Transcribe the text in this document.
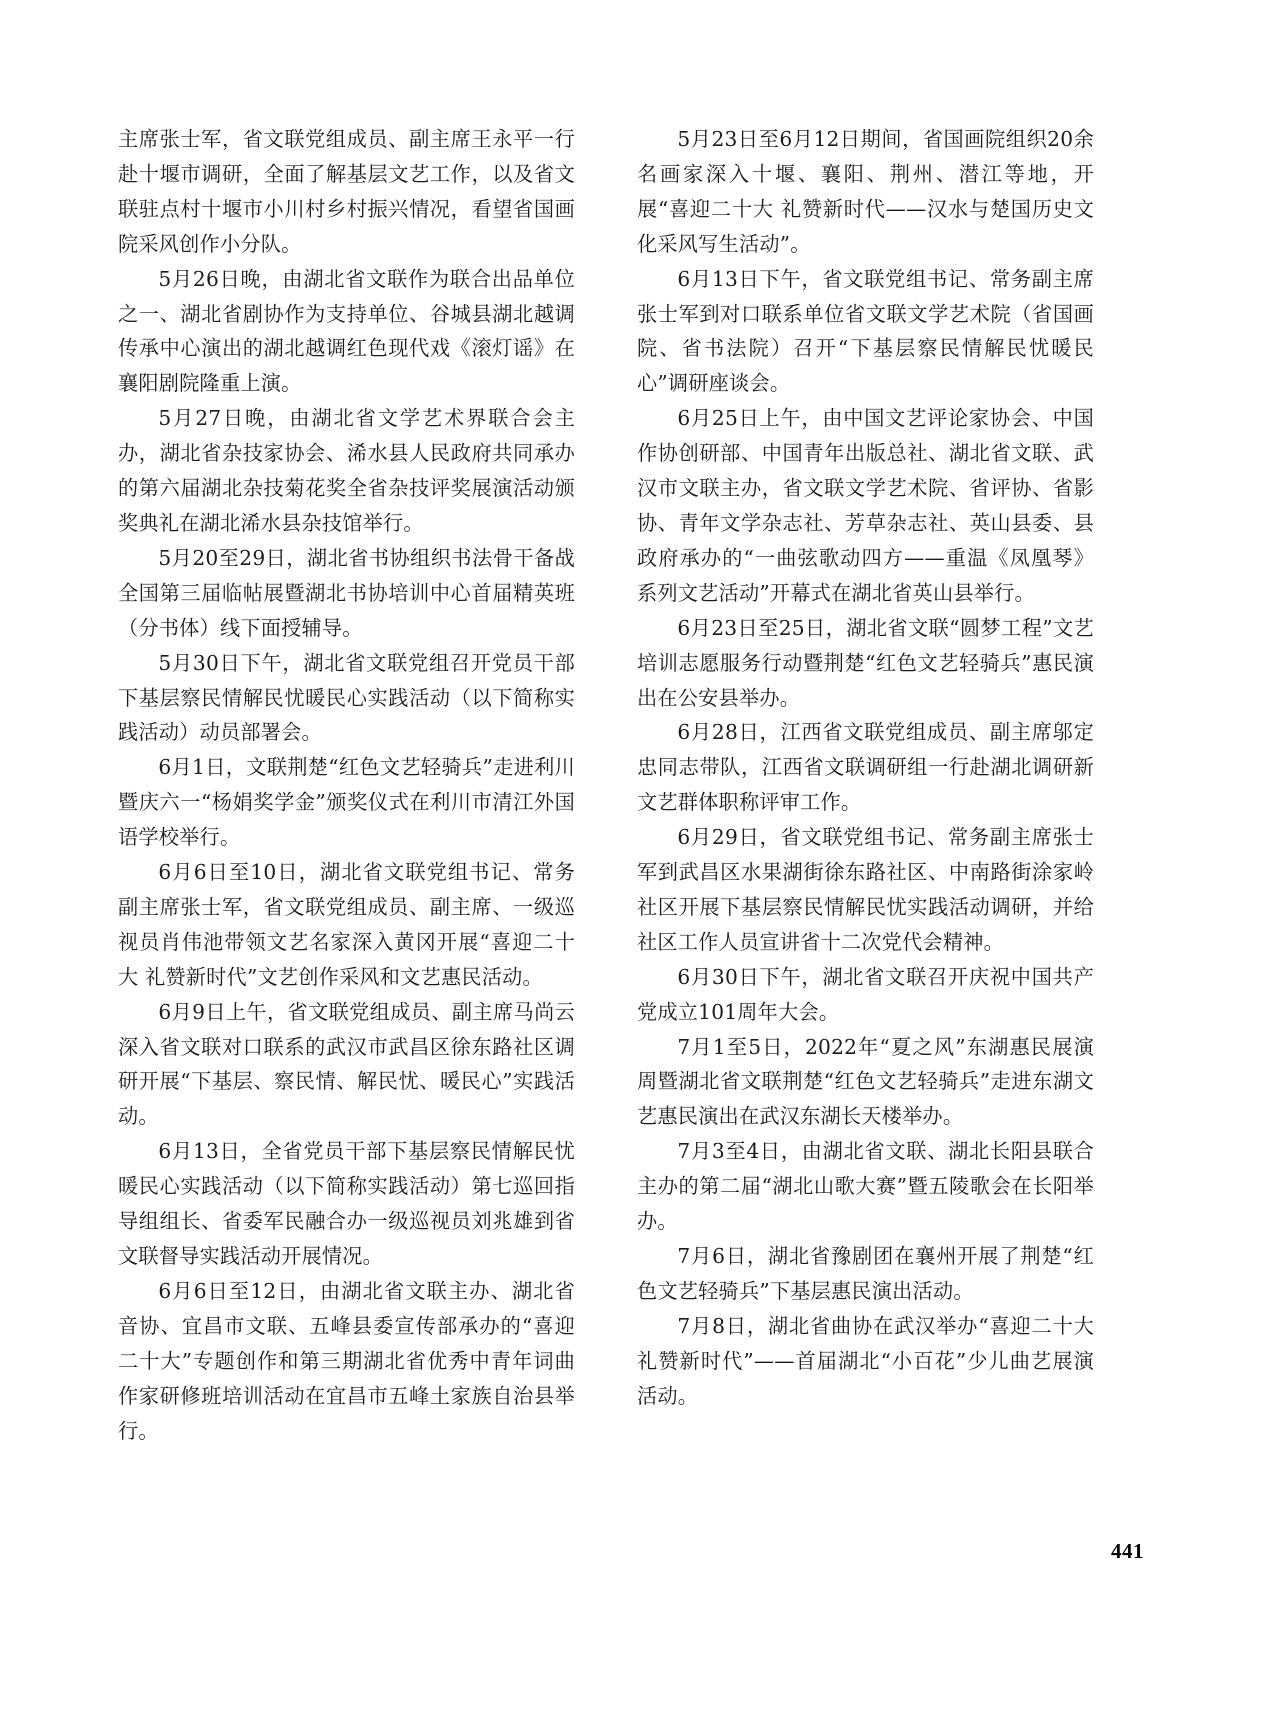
主席张士军，省文联党组成员、副主席王永平一行赴十堰市调研，全面了解基层文艺工作，以及省文联驻点村十堰市小川村乡村振兴情况，看望省国画院采风创作小分队。

5月26日晚，由湖北省文联作为联合出品单位之一、湖北省剧协作为支持单位、谷城县湖北越调传承中心演出的湖北越调红色现代戏《滚灯谣》在襄阳剧院隆重上演。

5月27日晚，由湖北省文学艺术界联合会主办，湖北省杂技家协会、浠水县人民政府共同承办的第六届湖北杂技菊花奖全省杂技评奖展演活动颁奖典礼在湖北浠水县杂技馆举行。

5月20至29日，湖北省书协组织书法骨干备战全国第三届临帖展暨湖北书协培训中心首届精英班（分书体）线下面授辅导。

5月30日下午，湖北省文联党组召开党员干部下基层察民情解民忧暖民心实践活动（以下简称实践活动）动员部署会。

6月1日，文联荆楚“红色文艺轻骑兵”走进利川暨庆六一“杨娟奖学金”颁奖仪式在利川市清江外国语学校举行。

6月6日至10日，湖北省文联党组书记、常务副主席张士军，省文联党组成员、副主席、一级巡视员肖伟池带领文艺名家深入黄冈开展“喜迎二十大 礼赞新时代”文艺创作采风和文艺惠民活动。

6月9日上午，省文联党组成员、副主席马尚云深入省文联对口联系的武汉市武昌区徐东路社区调研开展“下基层、察民情、解民忧、暖民心”实践活动。

6月13日，全省党员干部下基层察民情解民忧暖民心实践活动（以下简称实践活动）第七巡回指导组组长、省委军民融合办一级巡视员刘兆雄到省文联督导实践活动开展情况。

6月6日至12日，由湖北省文联主办、湖北省音协、宜昌市文联、五峰县委宣传部承办的“喜迎二十大”专题创作和第三期湖北省优秀中青年词曲作家研修班培训活动在宜昌市五峰土家族自治县举行。

5月23日至6月12日期间，省国画院组织20余名画家深入十堰、襄阳、荆州、潜江等地，开展“喜迎二十大 礼赞新时代——汉水与楚国历史文化采风写生活动”。

6月13日下午，省文联党组书记、常务副主席张士军到对口联系单位省文联文学艺术院（省国画院、省书法院）召开“下基层察民情解民忧暖民心”调研座谈会。

6月25日上午，由中国文艺评论家协会、中国作协创研部、中国青年出版总社、湖北省文联、武汉市文联主办，省文联文学艺术院、省评协、省影协、青年文学杂志社、芳草杂志社、英山县委、县政府承办的“一曲弦歌动四方——重温《凤凰琴》系列文艺活动”开幕式在湖北省英山县举行。

6月23日至25日，湖北省文联“圆梦工程”文艺培训志愿服务行动暨荆楚“红色文艺轻骑兵”惠民演出在公安县举办。

6月28日，江西省文联党组成员、副主席邬定忠同志带队，江西省文联调研组一行赴湖北调研新文艺群体职称评审工作。

6月29日，省文联党组书记、常务副主席张士军到武昌区水果湖街徐东路社区、中南路街涂家岭社区开展下基层察民情解民忧实践活动调研，并给社区工作人员宣讲省十二次党代会精神。

6月30日下午，湖北省文联召开庆祝中国共产党成立101周年大会。

7月1至5日，2022年“夏之风”东湖惠民展演周暨湖北省文联荆楚“红色文艺轻骑兵”走进东湖文艺惠民演出在武汉东湖长天楼举办。

7月3至4日，由湖北省文联、湖北长阳县联合主办的第二届“湖北山歌大赛”暨五陵歌会在长阳举办。

7月6日，湖北省豫剧团在襄州开展了荆楚“红色文艺轻骑兵”下基层惠民演出活动。

7月8日，湖北省曲协在武汉举办“喜迎二十大 礼赞新时代”——首届湖北“小百花”少儿曲艺展演活动。

441
